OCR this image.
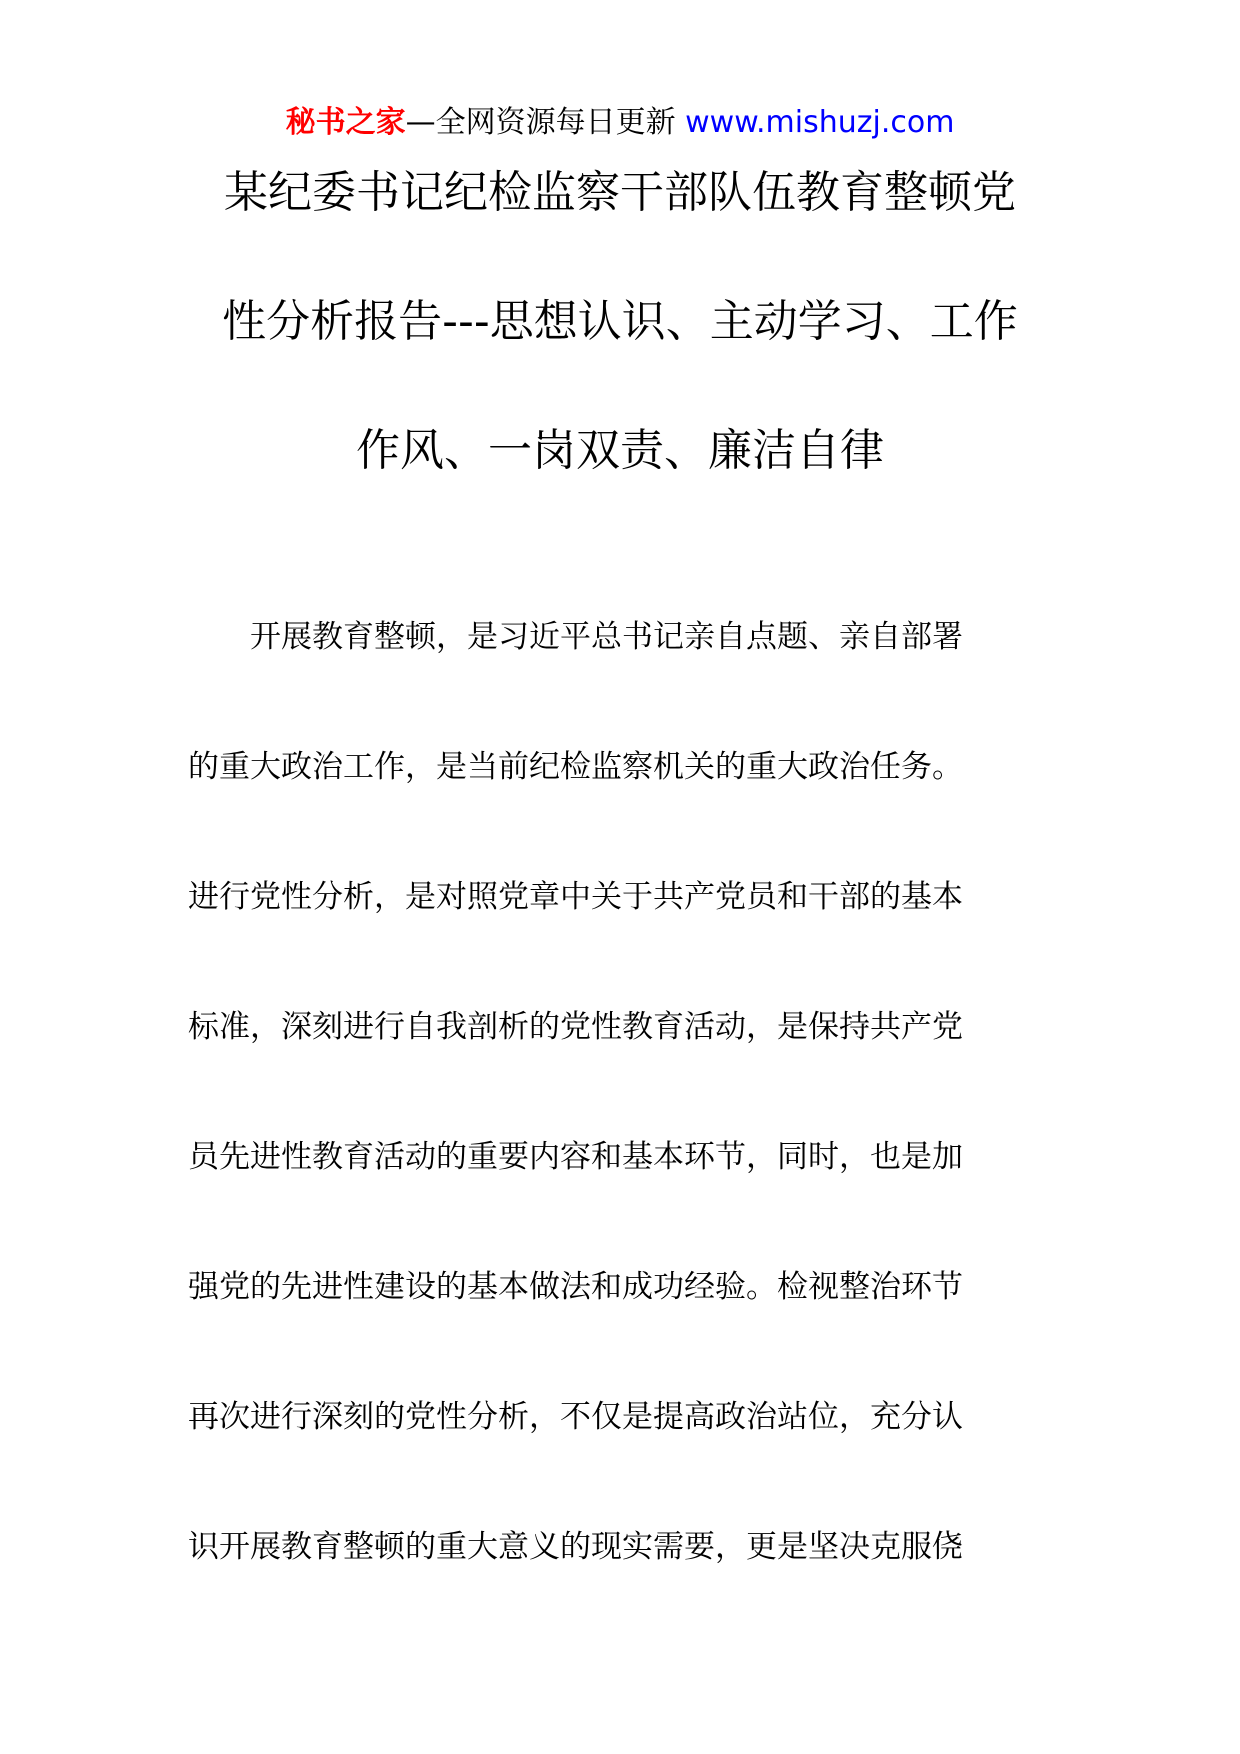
秘书之家—全网资源每日更新 www.mishuzj.com
某纪委书记纪检监察干部队伍教育整顿党
性分析报告---思想认识、主动学习、工作
作风、一岗双责、廉洁自律
开展教育整顿，是习近平总书记亲自点题、亲自部署
的重大政治工作，是当前纪检监察机关的重大政治任务。
进行党性分析，是对照党章中关于共产党员和干部的基本
标准，深刻进行自我剖析的党性教育活动，是保持共产党
员先进性教育活动的重要内容和基本环节，同时，也是加
强党的先进性建设的基本做法和成功经验。检视整治环节
再次进行深刻的党性分析，不仅是提高政治站位，充分认
识开展教育整顿的重大意义的现实需要，更是坚决克服侥
